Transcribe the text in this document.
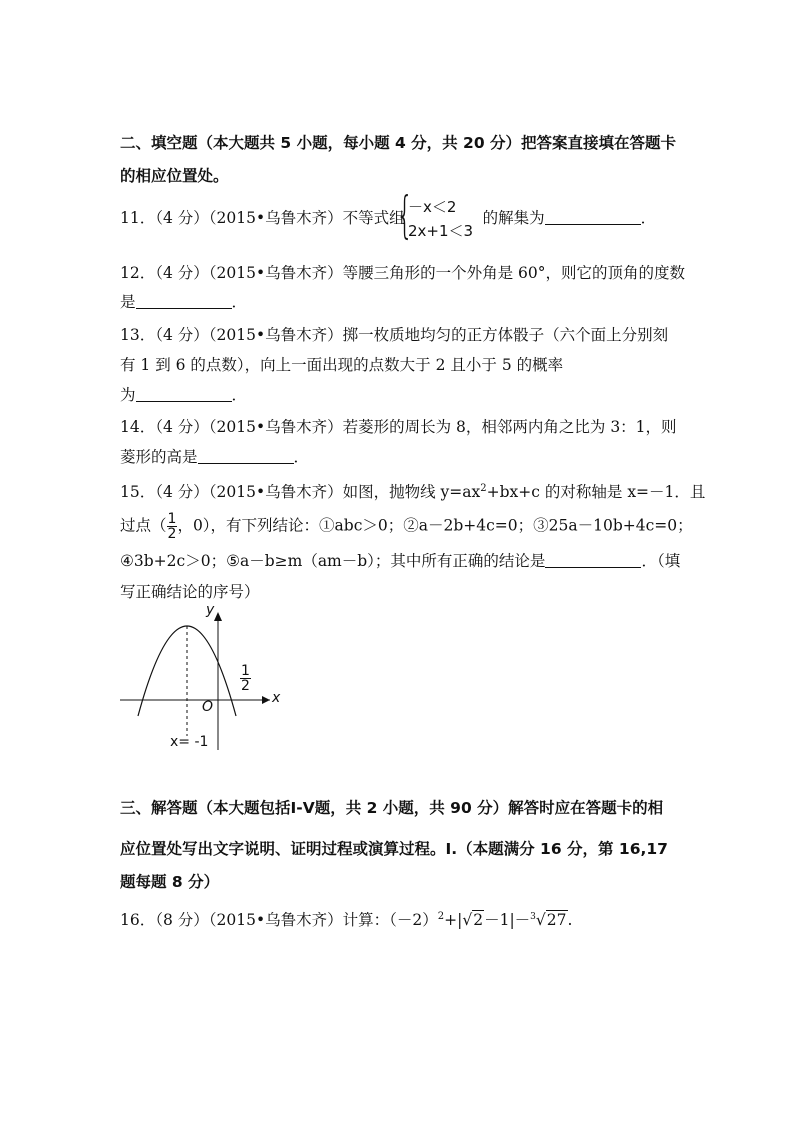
二、填空题（本大题共 5 小题，每小题 4 分，共 20 分）把答案直接填在答题卡
的相应位置处。
11．（4 分）（2015•乌鲁木齐）不等式组	的解集为	．
{
－x＜2
2x+1＜3
12．（4 分）（2015•乌鲁木齐）等腰三角形的一个外角是 60°，则它的顶角的度数
是	．
13．（4 分）（2015•乌鲁木齐）掷一枚质地均匀的正方体骰子（六个面上分别刻
有 1 到 6 的点数），向上一面出现的点数大于 2 且小于 5 的概率
为	．
14．（4 分）（2015•乌鲁木齐）若菱形的周长为 8，相邻两内角之比为 3：1，则
菱形的高是	．
15．（4 分）（2015•乌鲁木齐）如图，抛物线 $y=ax^2+bx+c$ 的对称轴是 x=－1．且
过点（ $\frac{1}{2}$ ，0），有下列结论：①abc＞0；②a－2b+4c=0；③25a－10b+4c=0；
④3b+2c＞0；⑤a－b≥m（am－b）；其中所有正确的结论是	．（填
写正确结论的序号）
y
x
O
$\frac{1}{2}$
x= -1
三、解答题（本大题包括Ⅰ-Ⅴ题，共 2 小题，共 90 分）解答时应在答题卡的相
应位置处写出文字说明、证明过程或演算过程。Ⅰ.（本题满分 16 分，第 16,17
题每题 8 分）
16．（8 分）（2015•乌鲁木齐）计算：$(-2)^2+|√2-1|-^3√27$.
